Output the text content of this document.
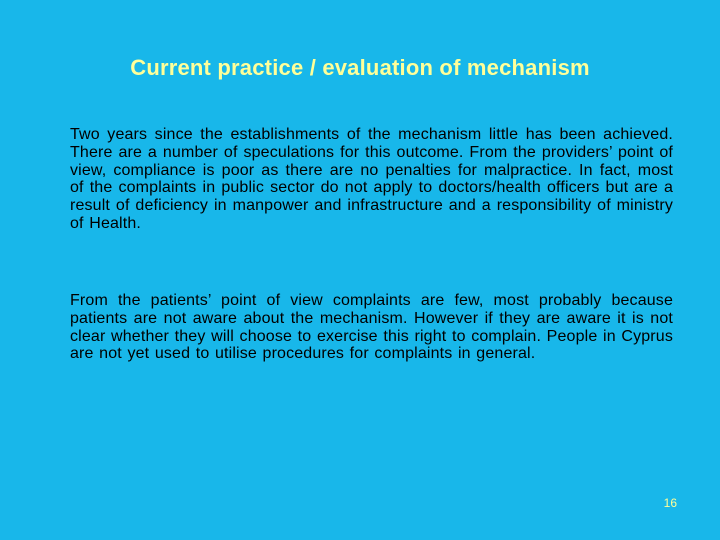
Current practice / evaluation of mechanism
Two years since the establishments of the mechanism little has been achieved. There are a number of speculations for this outcome. From the providers’ point of view, compliance is poor as there are no penalties for malpractice. In fact, most of the complaints in public sector do not apply to doctors/health officers but are a result of deficiency in manpower and infrastructure and a responsibility of ministry of Health.
From the patients’ point of view complaints are few, most probably because patients are not aware about the mechanism. However if they are aware it is not clear whether they will choose to exercise this right to complain. People in Cyprus are not yet used to utilise procedures for complaints in general.
16
